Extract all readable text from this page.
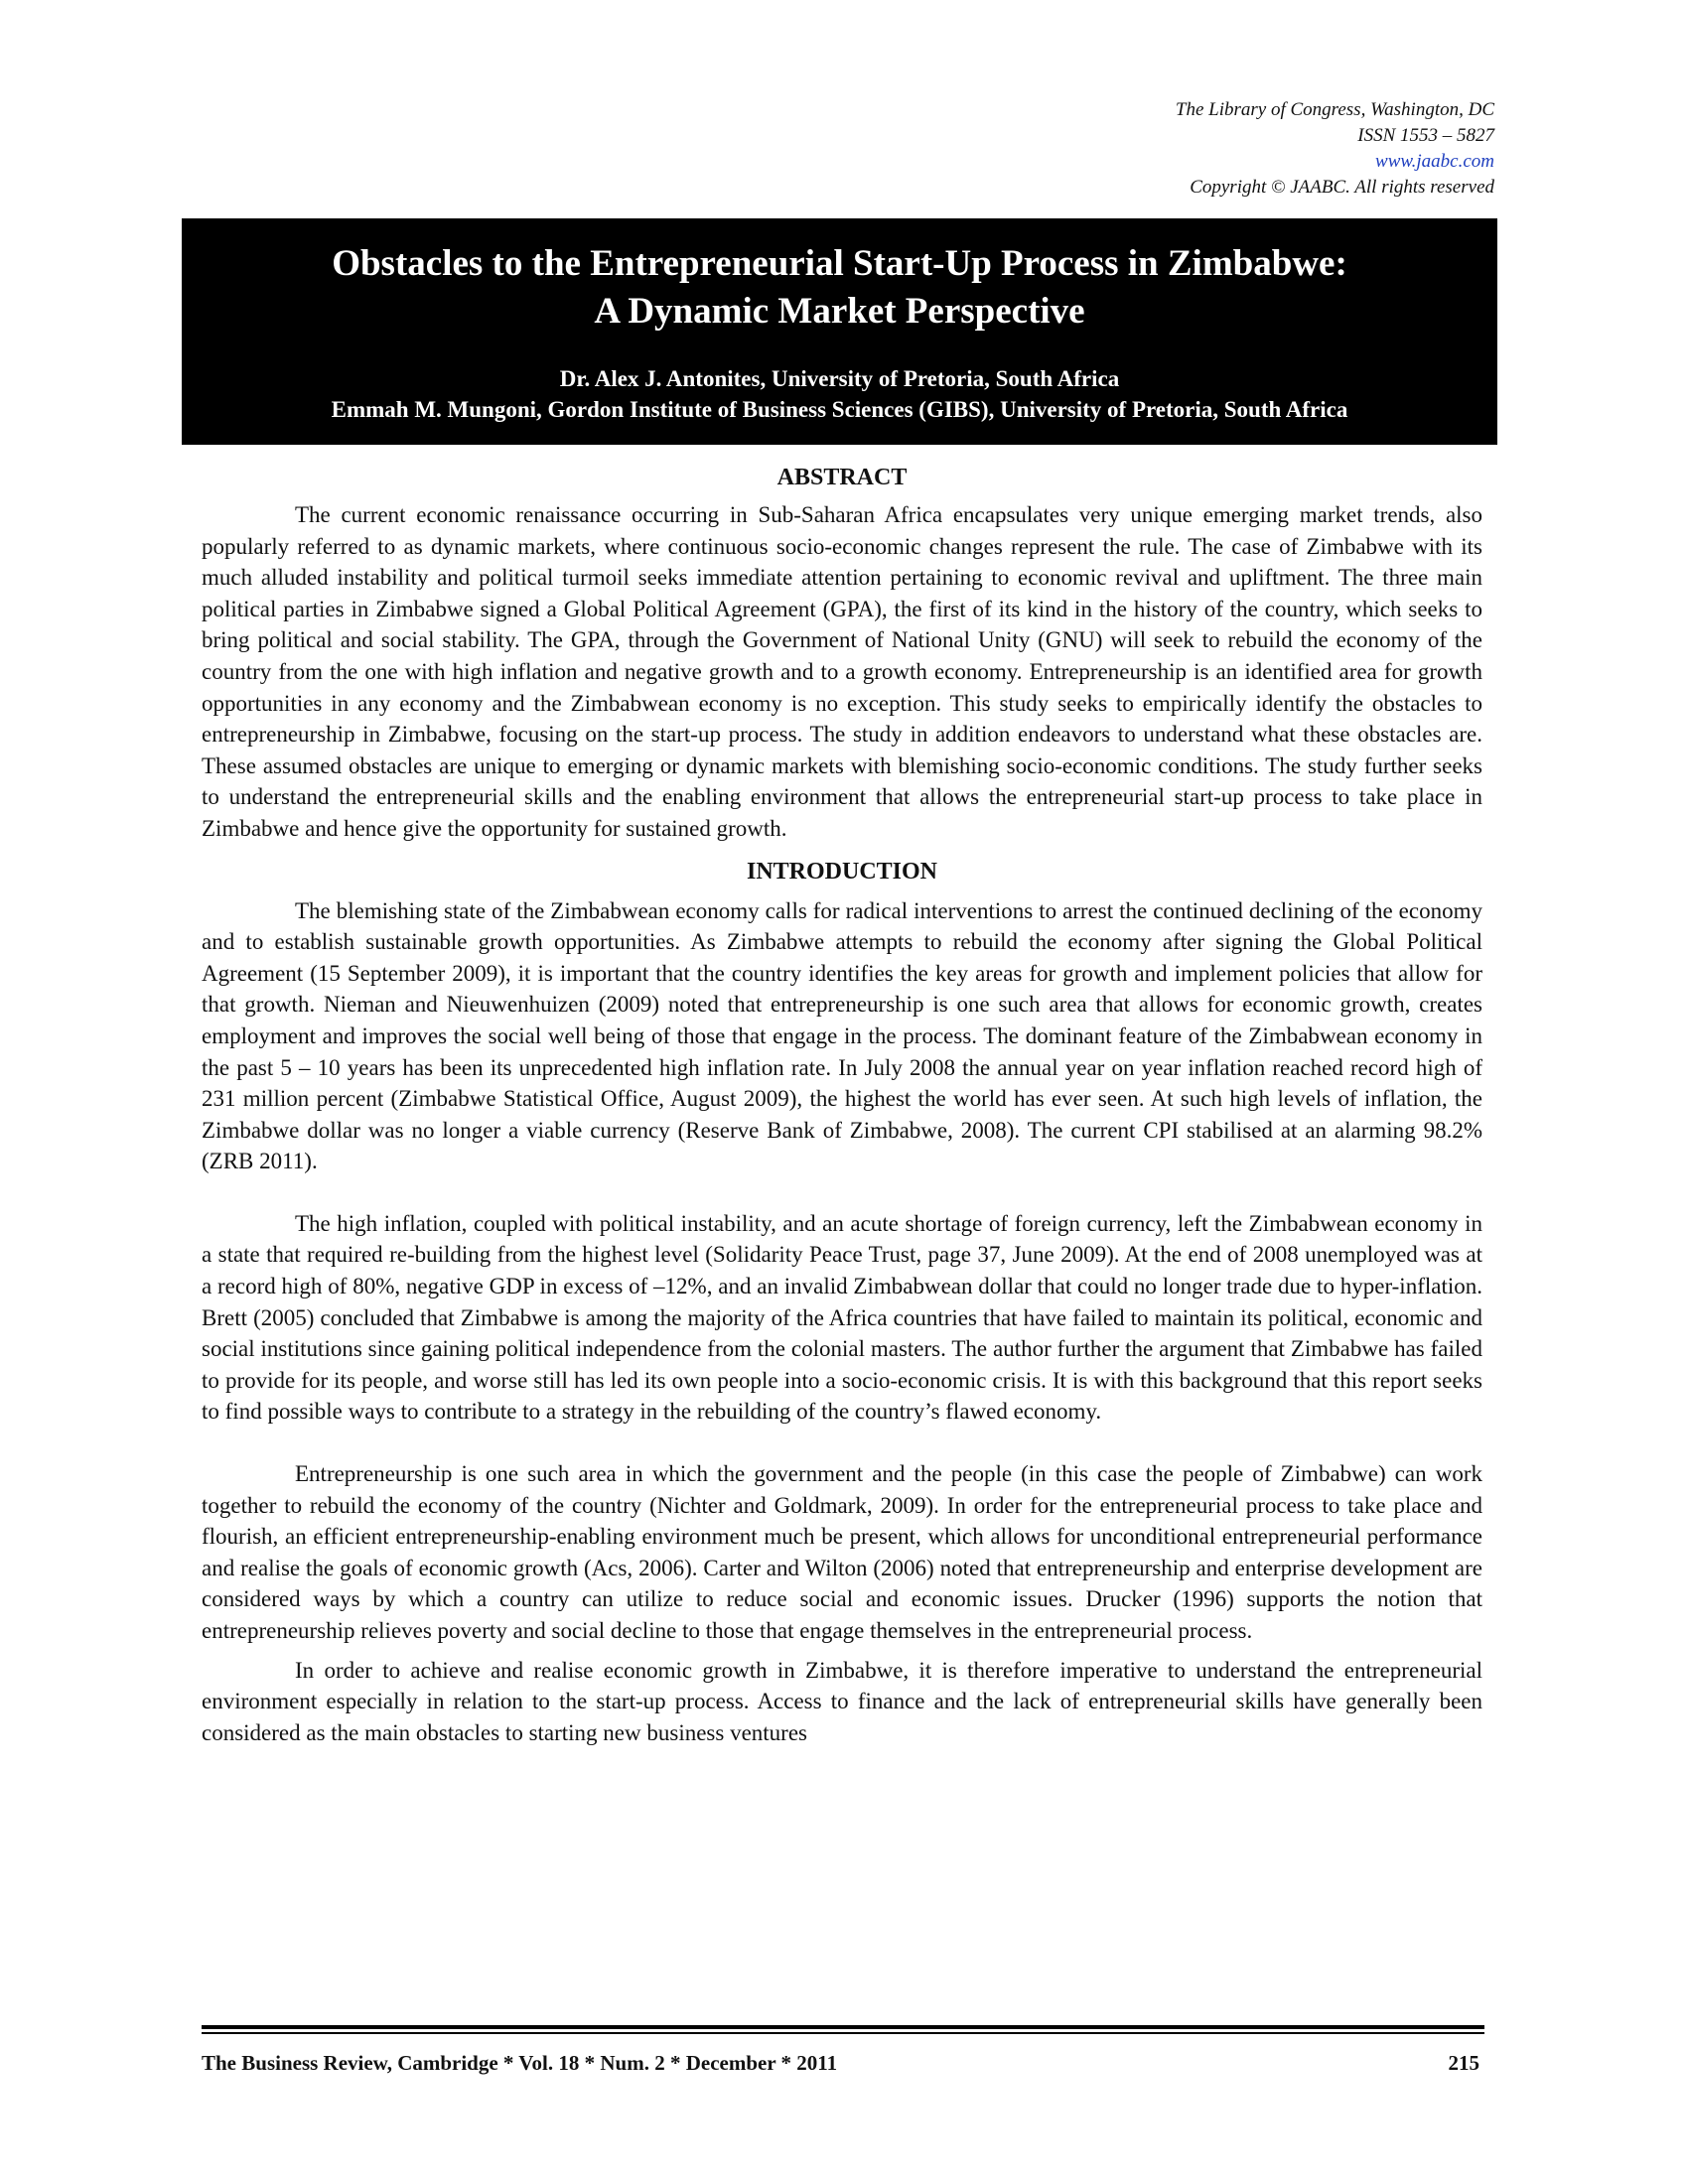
The Library of Congress, Washington, DC
ISSN 1553 – 5827
www.jaabc.com
Copyright © JAABC. All rights reserved
Obstacles to the Entrepreneurial Start-Up Process in Zimbabwe:
A Dynamic Market Perspective
Dr. Alex J. Antonites, University of Pretoria, South Africa
Emmah M. Mungoni, Gordon Institute of Business Sciences (GIBS), University of Pretoria, South Africa
ABSTRACT

The current economic renaissance occurring in Sub-Saharan Africa encapsulates very unique emerging market trends, also popularly referred to as dynamic markets, where continuous socio-economic changes represent the rule. The case of Zimbabwe with its much alluded instability and political turmoil seeks immediate attention pertaining to economic revival and upliftment. The three main political parties in Zimbabwe signed a Global Political Agreement (GPA), the first of its kind in the history of the country, which seeks to bring political and social stability. The GPA, through the Government of National Unity (GNU) will seek to rebuild the economy of the country from the one with high inflation and negative growth and to a growth economy. Entrepreneurship is an identified area for growth opportunities in any economy and the Zimbabwean economy is no exception. This study seeks to empirically identify the obstacles to entrepreneurship in Zimbabwe, focusing on the start-up process. The study in addition endeavors to understand what these obstacles are. These assumed obstacles are unique to emerging or dynamic markets with blemishing socio-economic conditions. The study further seeks to understand the entrepreneurial skills and the enabling environment that allows the entrepreneurial start-up process to take place in Zimbabwe and hence give the opportunity for sustained growth.

INTRODUCTION

The blemishing state of the Zimbabwean economy calls for radical interventions to arrest the continued declining of the economy and to establish sustainable growth opportunities. As Zimbabwe attempts to rebuild the economy after signing the Global Political Agreement (15 September 2009), it is important that the country identifies the key areas for growth and implement policies that allow for that growth. Nieman and Nieuwenhuizen (2009) noted that entrepreneurship is one such area that allows for economic growth, creates employment and improves the social well being of those that engage in the process. The dominant feature of the Zimbabwean economy in the past 5 – 10 years has been its unprecedented high inflation rate. In July 2008 the annual year on year inflation reached record high of 231 million percent (Zimbabwe Statistical Office, August 2009), the highest the world has ever seen. At such high levels of inflation, the Zimbabwe dollar was no longer a viable currency (Reserve Bank of Zimbabwe, 2008). The current CPI stabilised at an alarming 98.2% (ZRB 2011).

The high inflation, coupled with political instability, and an acute shortage of foreign currency, left the Zimbabwean economy in a state that required re-building from the highest level (Solidarity Peace Trust, page 37, June 2009). At the end of 2008 unemployed was at a record high of 80%, negative GDP in excess of –12%, and an invalid Zimbabwean dollar that could no longer trade due to hyper-inflation. Brett (2005) concluded that Zimbabwe is among the majority of the Africa countries that have failed to maintain its political, economic and social institutions since gaining political independence from the colonial masters. The author further the argument that Zimbabwe has failed to provide for its people, and worse still has led its own people into a socio-economic crisis. It is with this background that this report seeks to find possible ways to contribute to a strategy in the rebuilding of the country’s flawed economy.

Entrepreneurship is one such area in which the government and the people (in this case the people of Zimbabwe) can work together to rebuild the economy of the country (Nichter and Goldmark, 2009). In order for the entrepreneurial process to take place and flourish, an efficient entrepreneurship-enabling environment much be present, which allows for unconditional entrepreneurial performance and realise the goals of economic growth (Acs, 2006). Carter and Wilton (2006) noted that entrepreneurship and enterprise development are considered ways by which a country can utilize to reduce social and economic issues. Drucker (1996) supports the notion that entrepreneurship relieves poverty and social decline to those that engage themselves in the entrepreneurial process.

In order to achieve and realise economic growth in Zimbabwe, it is therefore imperative to understand the entrepreneurial environment especially in relation to the start-up process. Access to finance and the lack of entrepreneurial skills have generally been considered as the main obstacles to starting new business ventures

The Business Review, Cambridge * Vol. 18 * Num. 2 * December * 2011	215
